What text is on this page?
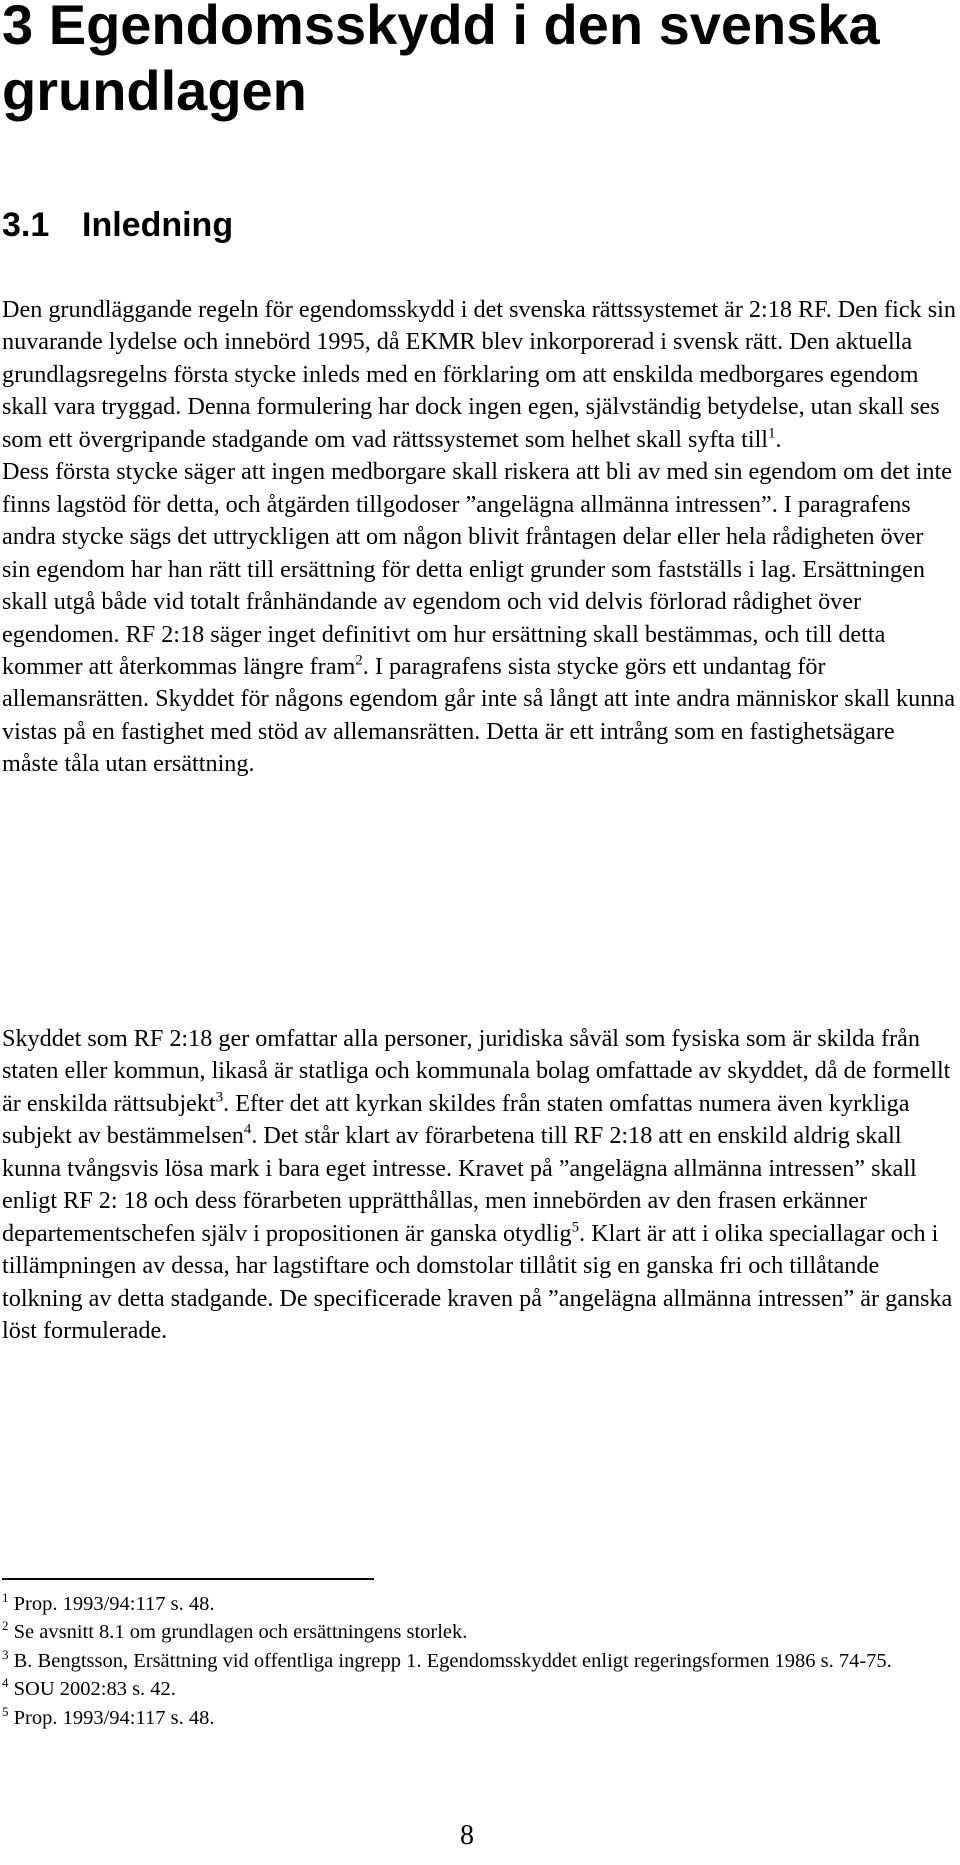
3 Egendomsskydd i den svenska grundlagen
3.1 Inledning

Den grundläggande regeln för egendomsskydd i det svenska rättssystemet är 2:18 RF. Den fick sin nuvarande lydelse och innebörd 1995, då EKMR blev inkorporerad i svensk rätt. Den aktuella grundlagsregelns första stycke inleds med en förklaring om att enskilda medborgares egendom skall vara tryggad. Denna formulering har dock ingen egen, självständig betydelse, utan skall ses som ett övergripande stadgande om vad rättssystemet som helhet skall syfta till$^1$.
Dess första stycke säger att ingen medborgare skall riskera att bli av med sin egendom om det inte finns lagstöd för detta, och åtgärden tillgodoser ”angelägna allmänna intressen”. I paragrafens andra stycke sägs det uttryckligen att om någon blivit fråntagen delar eller hela rådigheten över sin egendom har han rätt till ersättning för detta enligt grunder som fastställs i lag. Ersättningen skall utgå både vid totalt frånhändande av egendom och vid delvis förlorad rådighet över egendomen. RF 2:18 säger inget definitivt om hur ersättning skall bestämmas, och till detta kommer att återkommas längre fram$^2$. I paragrafens sista stycke görs ett undantag för allemansrätten. Skyddet för någons egendom går inte så långt att inte andra människor skall kunna vistas på en fastighet med stöd av allemansrätten. Detta är ett intrång som en fastighetsägare måste tåla utan ersättning.

Skyddet som RF 2:18 ger omfattar alla personer, juridiska såväl som fysiska som är skilda från staten eller kommun, likaså är statliga och kommunala bolag omfattade av skyddet, då de formellt är enskilda rättsubjekt$^3$. Efter det att kyrkan skildes från staten omfattas numera även kyrkliga subjekt av bestämmelsen$^4$. Det står klart av förarbetena till RF 2:18 att en enskild aldrig skall kunna tvångsvis lösa mark i bara eget intresse. Kravet på ”angelägna allmänna intressen” skall enligt RF 2: 18 och dess förarbeten upprätthållas, men innebörden av den frasen erkänner departementschefen själv i propositionen är ganska otydlig$^5$. Klart är att i olika speciallagar och i tillämpningen av dessa, har lagstiftare och domstolar tillåtit sig en ganska fri och tillåtande tolkning av detta stadgande. De specificerade kraven på ”angelägna allmänna intressen” är ganska löst formulerade.

$^1$ Prop. 1993/94:117 s. 48.

$^2$ Se avsnitt 8.1 om grundlagen och ersättningens storlek.

$^3$ B. Bengtsson, Ersättning vid offentliga ingrepp 1. Egendomsskyddet enligt regeringsformen 1986 s. 74-75.

$^4$ SOU 2002:83 s. 42.

$^5$ Prop. 1993/94:117 s. 48.

8
